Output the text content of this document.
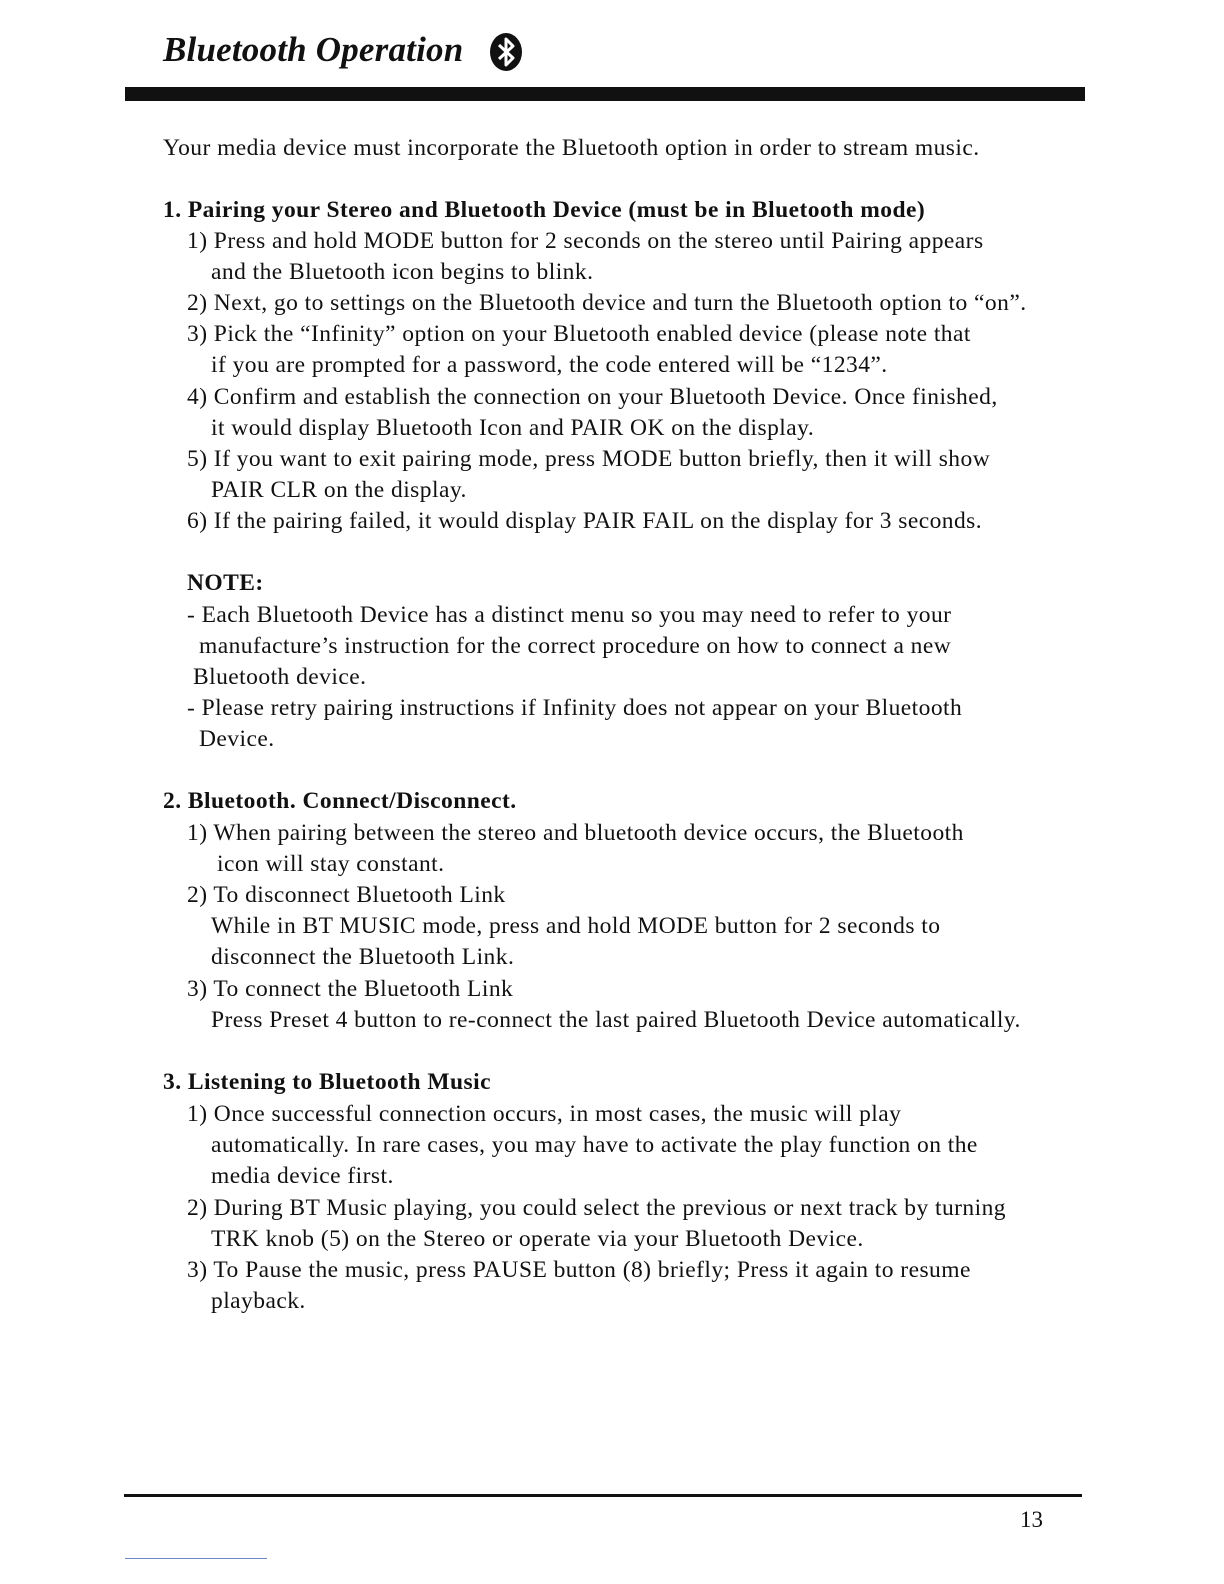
Bluetooth Operation
Your media device must incorporate the Bluetooth option in order to stream music.
1. Pairing your Stereo and Bluetooth Device (must be in Bluetooth mode)
1) Press and hold MODE button for 2 seconds on the stereo until Pairing appears
and the Bluetooth icon begins to blink.
2) Next, go to settings on the Bluetooth device and turn the Bluetooth option to “on”.
3) Pick the “Infinity” option on your Bluetooth enabled device (please note that
if you are prompted for a password, the code entered will be “1234”.
4) Confirm and establish the connection on your Bluetooth Device. Once finished,
it would display Bluetooth Icon and PAIR OK on the display.
5) If you want to exit pairing mode, press MODE button briefly, then it will show
PAIR CLR on the display.
6) If the pairing failed, it would display PAIR FAIL on the display for 3 seconds.
NOTE:
- Each Bluetooth Device has a distinct menu so you may need to refer to your
manufacture’s instruction for the correct procedure on how to connect a new
Bluetooth device.
- Please retry pairing instructions if Infinity does not appear on your Bluetooth
Device.
2. Bluetooth. Connect/Disconnect.
1) When pairing between the stereo and bluetooth device occurs, the Bluetooth
icon will stay constant.
2) To disconnect Bluetooth Link
While in BT MUSIC mode, press and hold MODE button for 2 seconds to
disconnect the Bluetooth Link.
3) To connect the Bluetooth Link
Press Preset 4 button to re-connect the last paired Bluetooth Device automatically.
3. Listening to Bluetooth Music
1) Once successful connection occurs, in most cases, the music will play
automatically. In rare cases, you may have to activate the play function on the
media device first.
2) During BT Music playing, you could select the previous or next track by turning
TRK knob (5) on the Stereo or operate via your Bluetooth Device.
3) To Pause the music, press PAUSE button (8) briefly; Press it again to resume
playback.
13
